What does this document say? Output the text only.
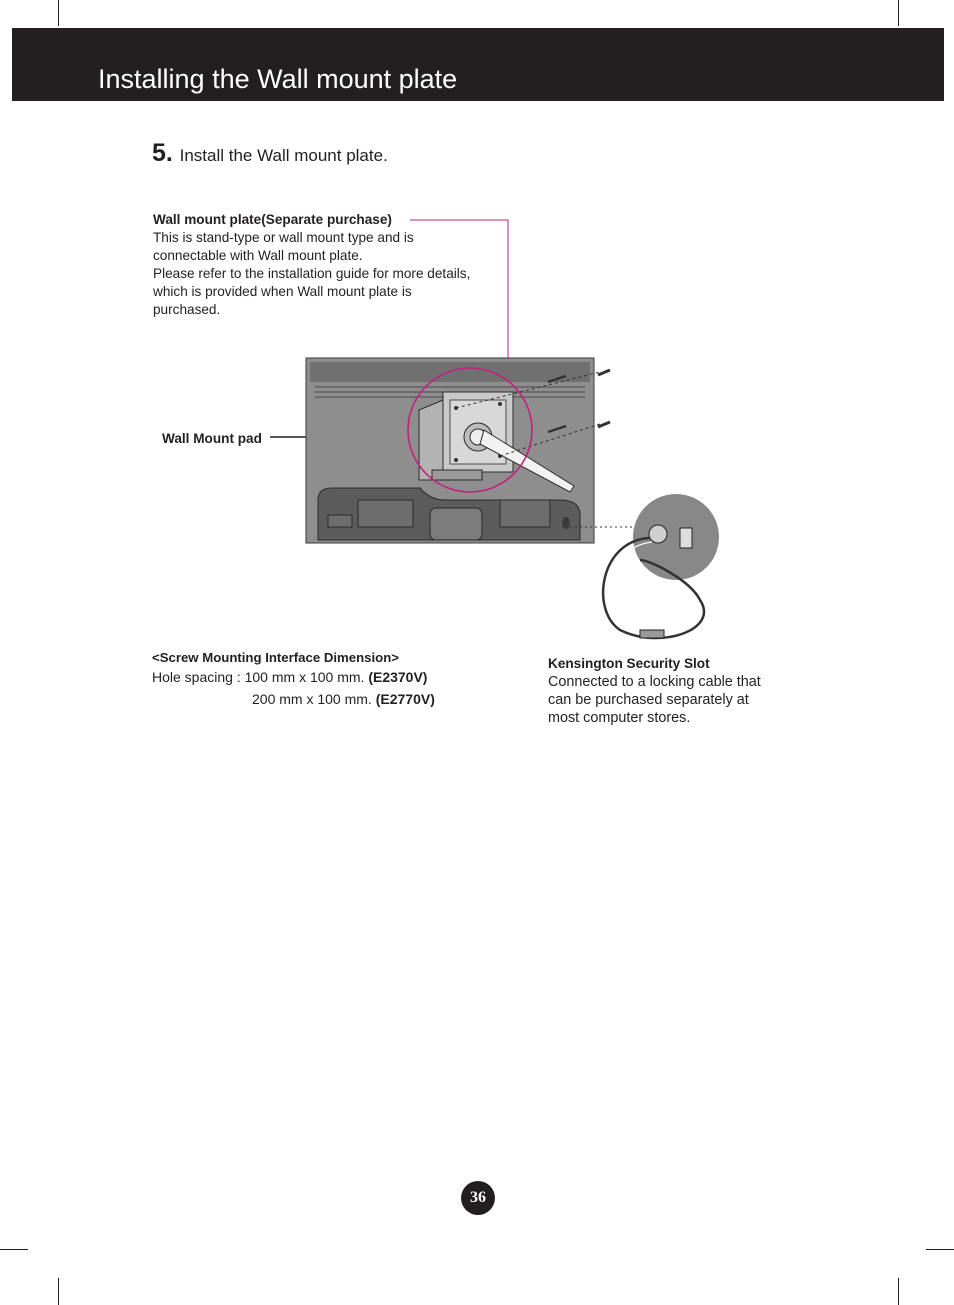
Installing the Wall mount plate
5. Install the Wall mount plate.
Wall mount plate(Separate purchase)
This is stand-type or wall mount type and is
connectable with Wall mount plate.
Please refer to the installation guide for more details,
which is provided when Wall mount plate is
purchased.
Wall Mount pad
<Screw Mounting Interface Dimension>
Hole spacing : 100 mm x 100 mm. (E2370V)
200 mm x 100 mm. (E2770V)
Kensington Security Slot
Connected to a locking cable that
can be purchased separately at
most computer stores.
36
